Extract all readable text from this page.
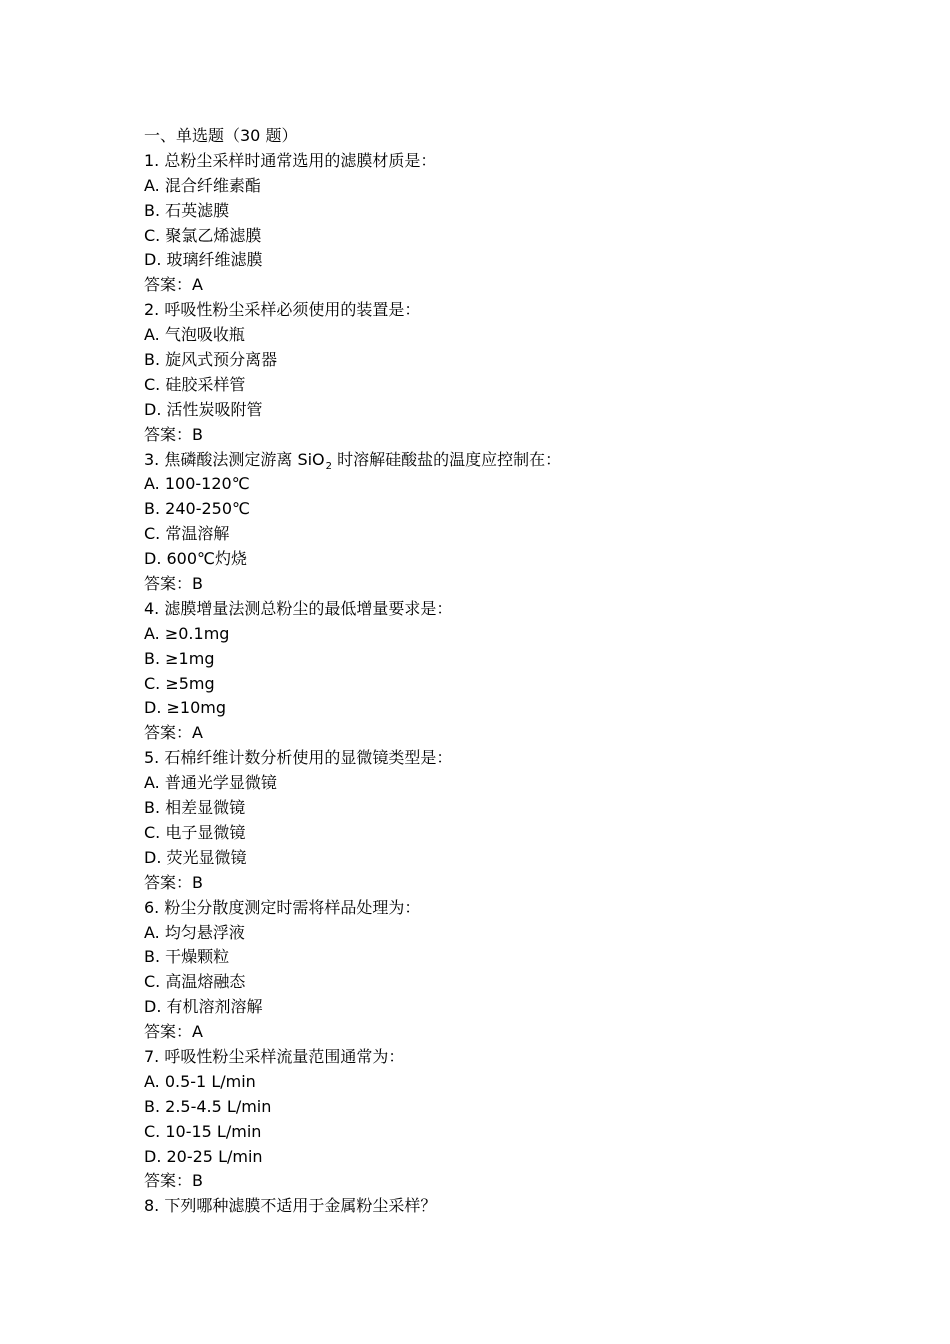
一、单选题（30 题）
1. 总粉尘采样时通常选用的滤膜材质是：
A. 混合纤维素酯
B. 石英滤膜
C. 聚氯乙烯滤膜
D. 玻璃纤维滤膜
答案：A
2. 呼吸性粉尘采样必须使用的装置是：
A. 气泡吸收瓶
B. 旋风式预分离器
C. 硅胶采样管
D. 活性炭吸附管
答案：B
3. 焦磷酸法测定游离 SiO$_2$ 时溶解硅酸盐的温度应控制在：
A. 100-120℃
B. 240-250℃
C. 常温溶解
D. 600℃灼烧
答案：B
4. 滤膜增量法测总粉尘的最低增量要求是：
A. ≥0.1mg
B. ≥1mg
C. ≥5mg
D. ≥10mg
答案：A
5. 石棉纤维计数分析使用的显微镜类型是：
A. 普通光学显微镜
B. 相差显微镜
C. 电子显微镜
D. 荧光显微镜
答案：B
6. 粉尘分散度测定时需将样品处理为：
A. 均匀悬浮液
B. 干燥颗粒
C. 高温熔融态
D. 有机溶剂溶解
答案：A
7. 呼吸性粉尘采样流量范围通常为：
A. 0.5-1 L/min
B. 2.5-4.5 L/min
C. 10-15 L/min
D. 20-25 L/min
答案：B
8. 下列哪种滤膜不适用于金属粉尘采样？
